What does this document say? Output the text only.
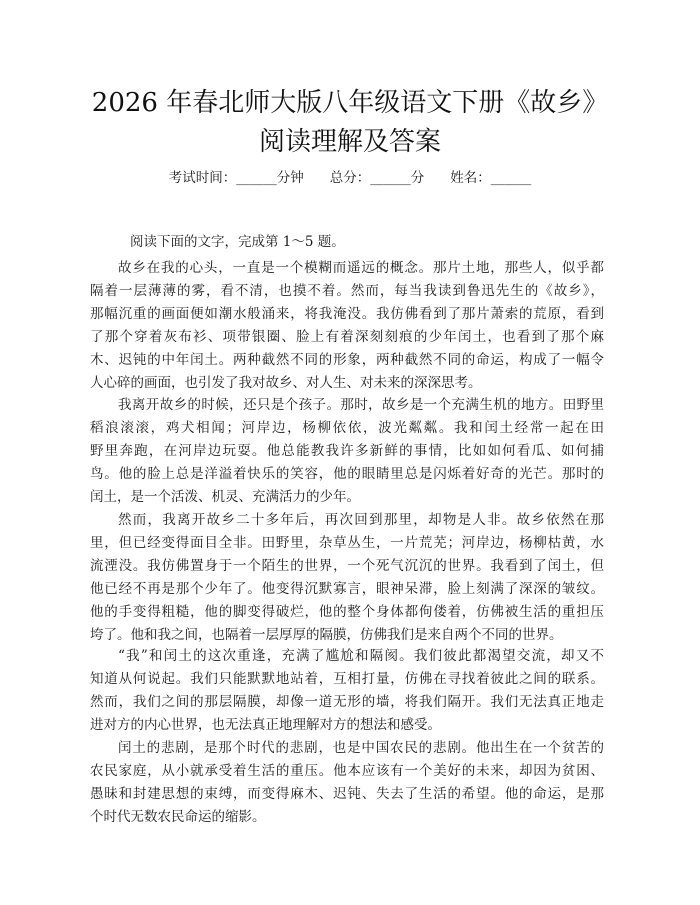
2026 年春北师大版八年级语文下册《故乡》
阅读理解及答案
考试时间：______分钟 总分：______分 姓名：______
阅读下面的文字，完成第 1～5 题。
故乡在我的心头，一直是一个模糊而遥远的概念。那片土地，那些人，似乎都
隔着一层薄薄的雾，看不清，也摸不着。然而，每当我读到鲁迅先生的《故乡》，
那幅沉重的画面便如潮水般涌来，将我淹没。我仿佛看到了那片萧索的荒原，看到
了那个穿着灰布衫、项带银圈、脸上有着深刻刻痕的少年闰土，也看到了那个麻
木、迟钝的中年闰土。两种截然不同的形象，两种截然不同的命运，构成了一幅令
人心碎的画面，也引发了我对故乡、对人生、对未来的深深思考。
我离开故乡的时候，还只是个孩子。那时，故乡是一个充满生机的地方。田野里
稻浪滚滚，鸡犬相闻；河岸边，杨柳依依，波光粼粼。我和闰土经常一起在田
野里奔跑，在河岸边玩耍。他总能教我许多新鲜的事情，比如如何看瓜、如何捕
鸟。他的脸上总是洋溢着快乐的笑容，他的眼睛里总是闪烁着好奇的光芒。那时的
闰土，是一个活泼、机灵、充满活力的少年。
然而，我离开故乡二十多年后，再次回到那里，却物是人非。故乡依然在那
里，但已经变得面目全非。田野里，杂草丛生，一片荒芜；河岸边，杨柳枯黄，水
流湮没。我仿佛置身于一个陌生的世界，一个死气沉沉的世界。我看到了闰土，但
他已经不再是那个少年了。他变得沉默寡言，眼神呆滞，脸上刻满了深深的皱纹。
他的手变得粗糙，他的脚变得破烂，他的整个身体都佝偻着，仿佛被生活的重担压
垮了。他和我之间，也隔着一层厚厚的隔膜，仿佛我们是来自两个不同的世界。
“我”和闰土的这次重逢，充满了尴尬和隔阂。我们彼此都渴望交流，却又不
知道从何说起。我们只能默默地站着，互相打量，仿佛在寻找着彼此之间的联系。
然而，我们之间的那层隔膜，却像一道无形的墙，将我们隔开。我们无法真正地走
进对方的内心世界，也无法真正地理解对方的想法和感受。
闰土的悲剧，是那个时代的悲剧，也是中国农民的悲剧。他出生在一个贫苦的
农民家庭，从小就承受着生活的重压。他本应该有一个美好的未来，却因为贫困、
愚昧和封建思想的束缚，而变得麻木、迟钝、失去了生活的希望。他的命运，是那
个时代无数农民命运的缩影。
